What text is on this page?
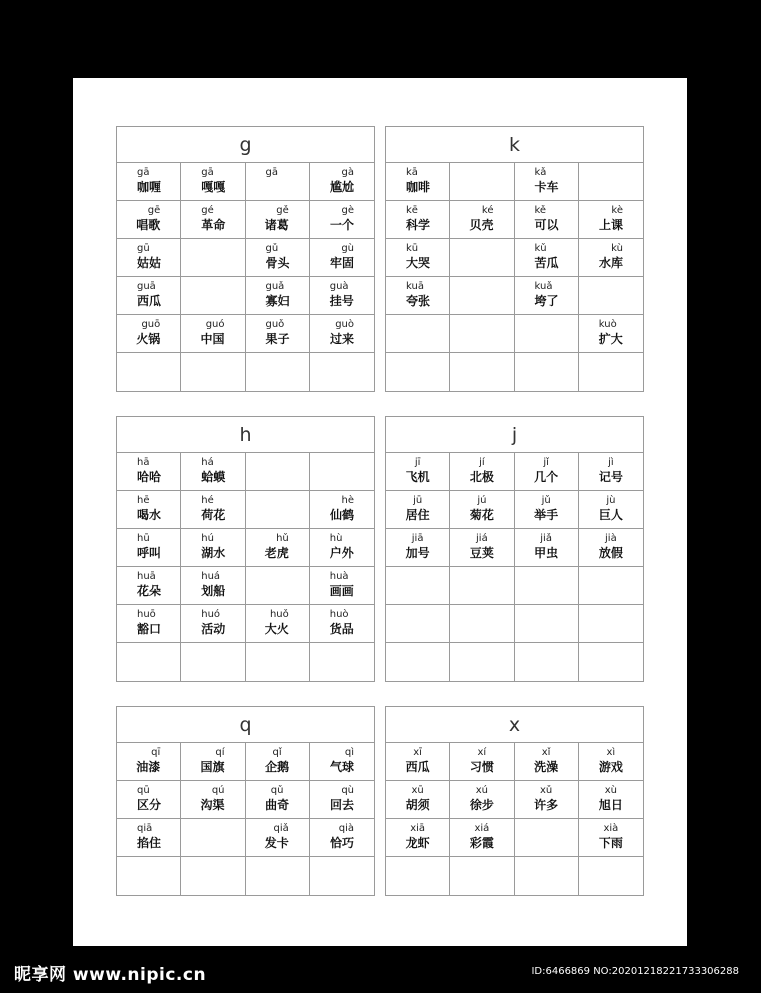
g
gā
咖喱
gā
嘎嘎
gā	gà
尴尬
gē
唱歌
gé
革命
gě
诸葛
gè
一个
gū
姑姑
gǔ
骨头
gù
牢固
guā
西瓜
guǎ
寡妇
guà
挂号
guō
火锅
guó
中国
guǒ
果子
guò
过来
k
kā
咖啡
kǎ
卡车
kē
科学
ké
贝壳
kě
可以
kè
上课
kū
大哭
kǔ
苦瓜
kù
水库
kuā
夸张
kuǎ
垮了
kuò
扩大
h
hā
哈哈
há
蛤蟆
hē
喝水
hé
荷花
hè
仙鹤
hū
呼叫
hú
湖水
hǔ
老虎
hù
户外
huā
花朵
huá
划船
huà
画画
huō
豁口
huó
活动
huǒ
大火
huò
货品
j
jī
飞机
jí
北极
jǐ
几个
jì
记号
jū
居住
jú
菊花
jǔ
举手
jù
巨人
jiā
加号
jiá
豆荚
jiǎ
甲虫
jià
放假
q
qī
油漆
qí
国旗
qǐ
企鹅
qì
气球
qū
区分
qú
沟渠
qǔ
曲奇
qù
回去
qiā
掐住
qiǎ
发卡
qià
恰巧
x
xī
西瓜
xí
习惯
xǐ
洗澡
xì
游戏
xū
胡须
xú
徐步
xǔ
许多
xù
旭日
xiā
龙虾
xiá
彩霞
xià
下雨
昵享网 www.nipic.cn	ID:6466869 NO:20201218221733306288
